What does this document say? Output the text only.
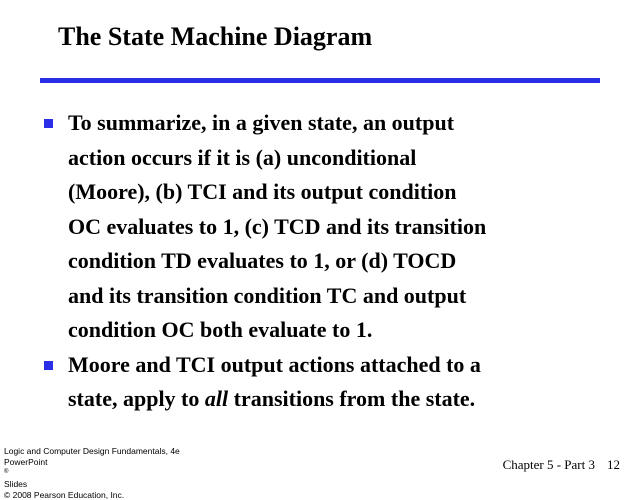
The State Machine Diagram
To summarize, in a given state, an output
action occurs if it is (a) unconditional
(Moore), (b) TCI and its output condition
OC evaluates to 1, (c) TCD and its transition
condition TD evaluates to 1, or (d) TOCD
and its transition condition TC and output
condition OC both evaluate to 1.
Moore and TCI output actions attached to a
state, apply to all transitions from the state.
Logic and Computer Design Fundamentals, 4e
PowerPoint
®
Slides
© 2008 Pearson Education, Inc.
Chapter 5 - Part 3 12
